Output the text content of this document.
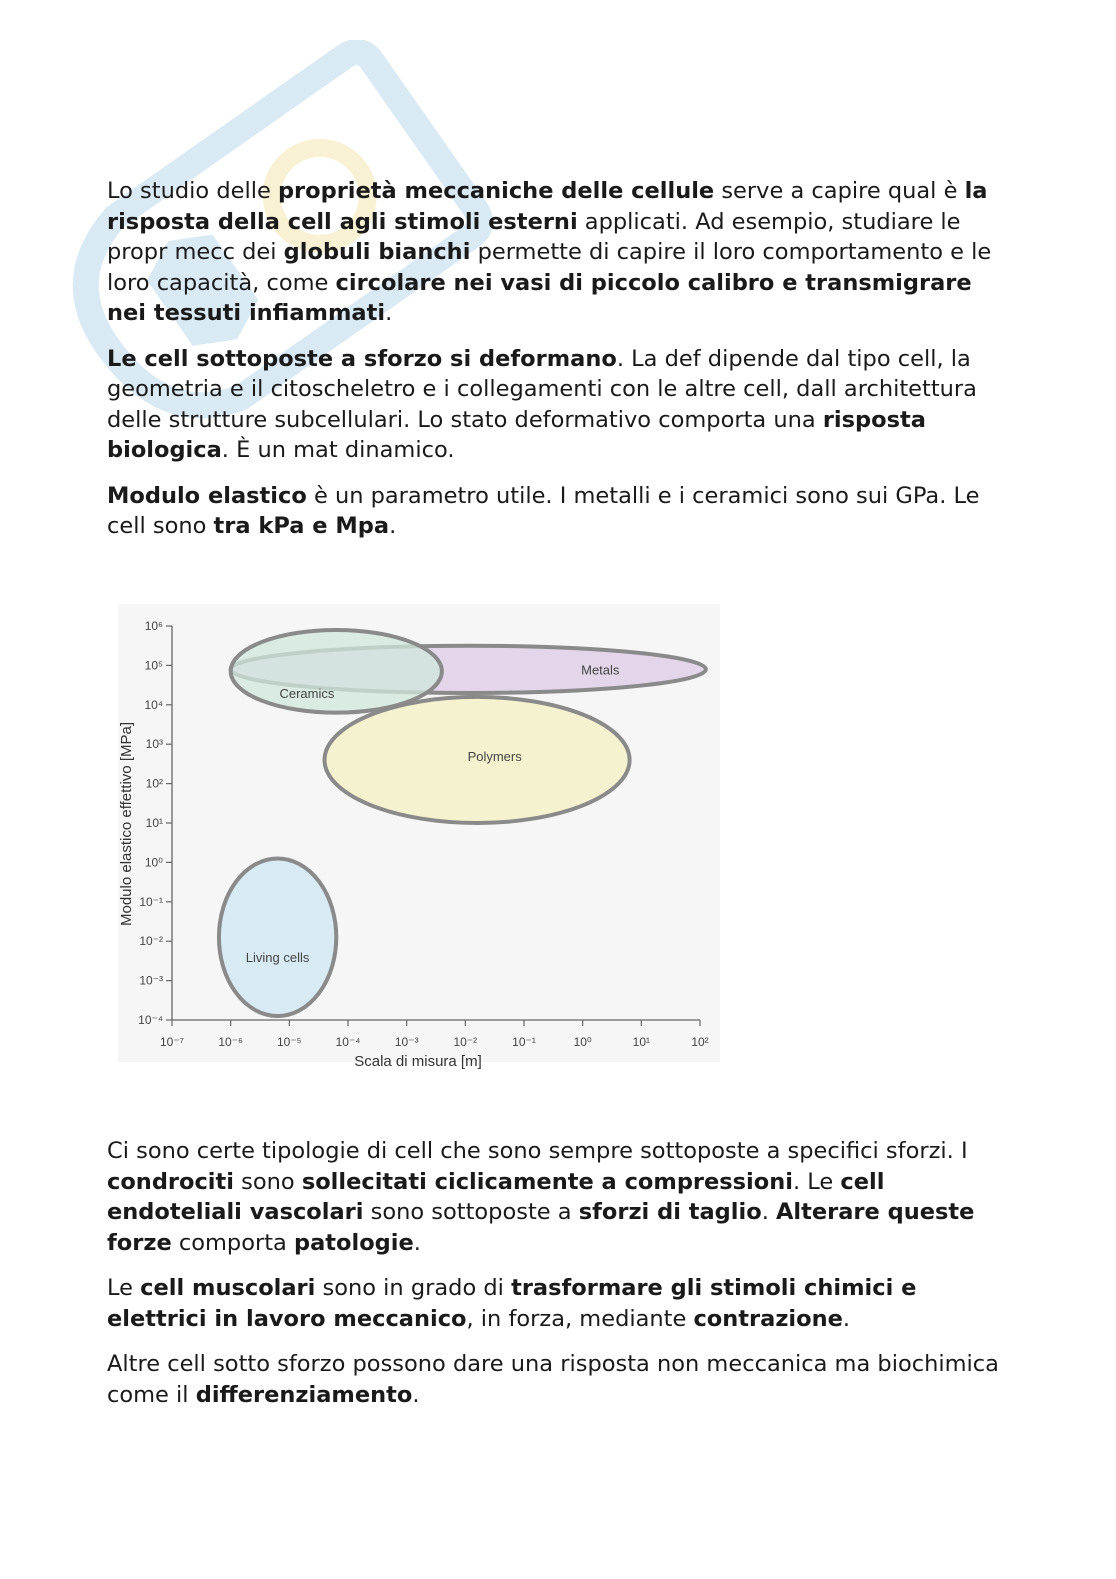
Lo studio delle proprietà meccaniche delle cellule serve a capire qual è la risposta della cell agli stimoli esterni applicati. Ad esempio, studiare le propr mecc dei globuli bianchi permette di capire il loro comportamento e le loro capacità, come circolare nei vasi di piccolo calibro e transmigrare nei tessuti infiammati.

Le cell sottoposte a sforzo si deformano. La def dipende dal tipo cell, la geometria e il citoscheletro e i collegamenti con le altre cell, dall architettura delle strutture subcellulari. Lo stato deformativo comporta una risposta biologica. È un mat dinamico.

Modulo elastico è un parametro utile. I metalli e i ceramici sono sui GPa. Le cell sono tra kPa e Mpa.

Metals
Ceramics
Polymers
Living cells
10⁻⁷	10⁻⁶	10⁻⁵	10⁻⁴	10⁻³	10⁻²	10⁻¹	10⁰	10¹	10²
10⁶
10⁵
10⁴
10³
10²
10¹
10⁰
10⁻¹
10⁻²
10⁻³
10⁻⁴
Scala di misura [m]
Modulo elastico effettivo [MPa]

Ci sono certe tipologie di cell che sono sempre sottoposte a specifici sforzi. I condrociti sono sollecitati ciclicamente a compressioni. Le cell endoteliali vascolari sono sottoposte a sforzi di taglio. Alterare queste forze comporta patologie.

Le cell muscolari sono in grado di trasformare gli stimoli chimici e elettrici in lavoro meccanico, in forza, mediante contrazione.

Altre cell sotto sforzo possono dare una risposta non meccanica ma biochimica come il differenziamento.
